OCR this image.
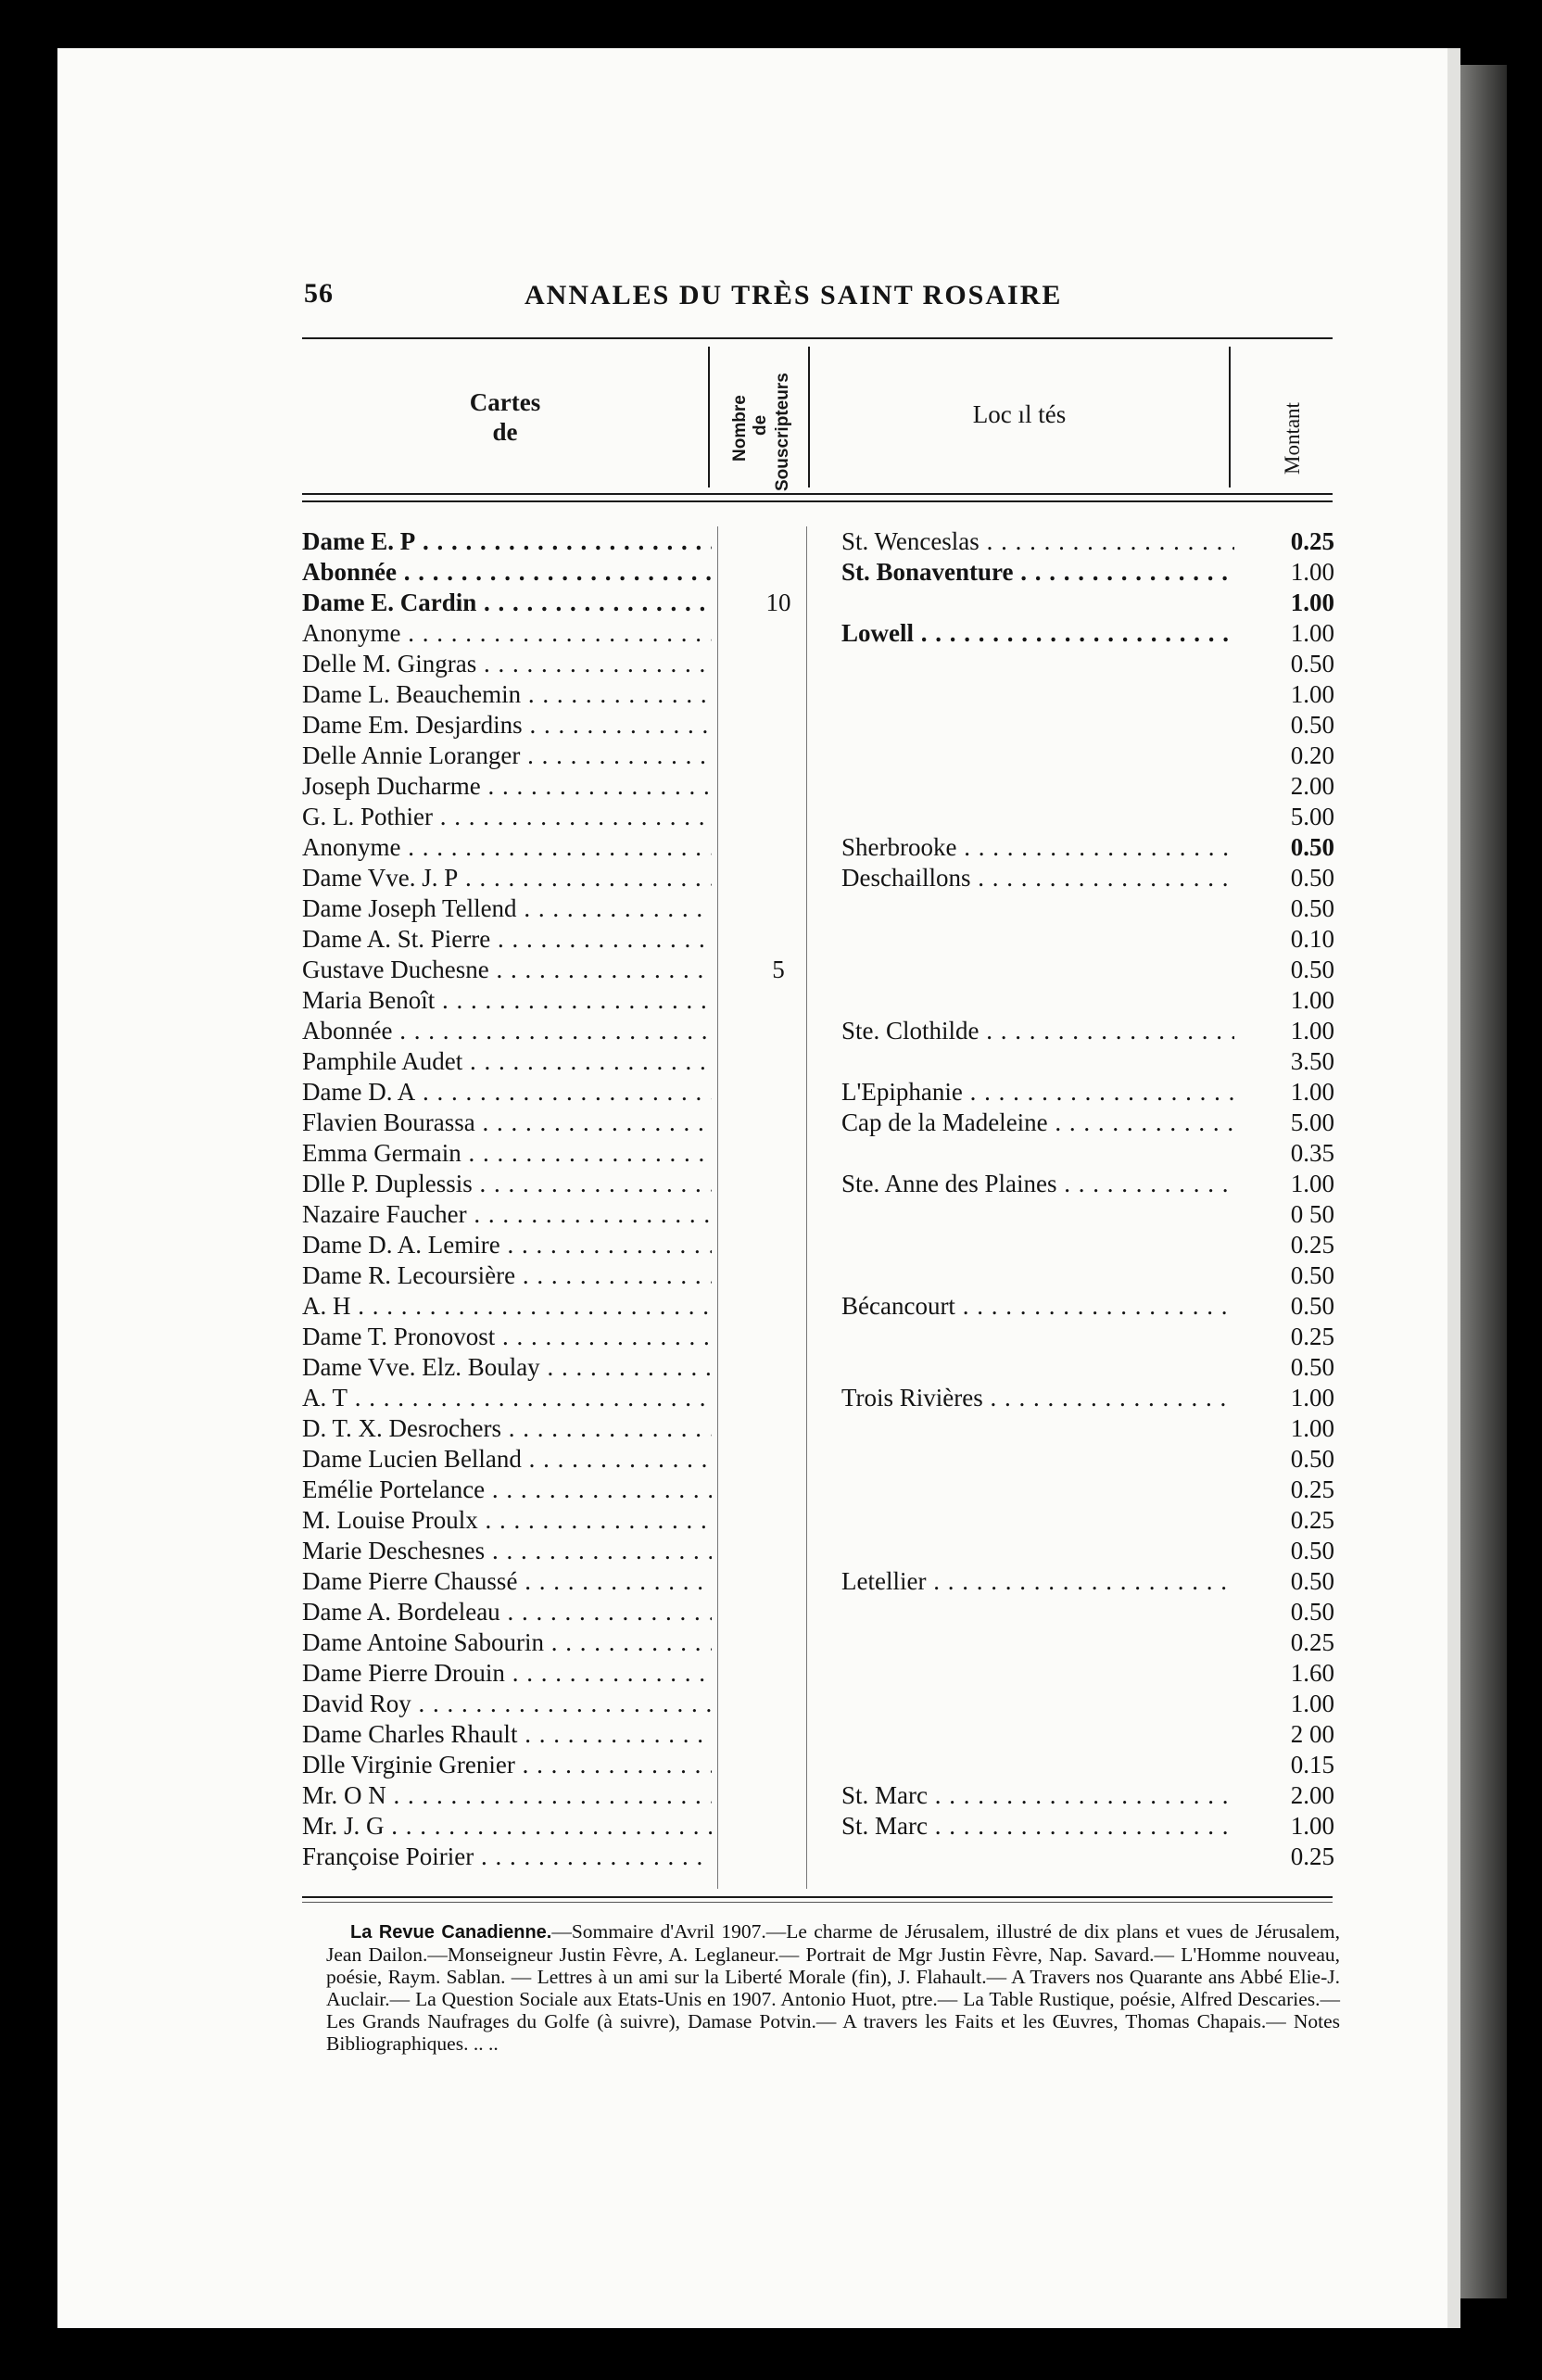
56	ANNALES DU TRÈS SAINT ROSAIRE
Cartes
de	Nombre de Souscripteurs	Loc ıl tés	Montant
Dame E. P . . .	St. Wenceslas . . .	0.25
Abonnée . . .	St. Bonaventure . . .	1.00
Dame E. Cardin . . .	10	1.00
Anonyme . . .	Lowell . . .	1.00
Delle M. Gingras . . .	0.50
Dame L. Beauchemin . . .	1.00
Dame Em. Desjardins . . .	0.50
Delle Annie Loranger . . .	0.20
Joseph Ducharme . . .	2.00
G. L. Pothier . . .	5.00
Anonyme . . .	Sherbrooke . . .	0.50
Dame Vve. J. P . . .	Deschaillons . . .	0.50
Dame Joseph Tellend . . .	0.50
Dame A. St. Pierre . . .	0.10
Gustave Duchesne . . .	5	0.50
Maria Benoît . . .	1.00
Abonnée . . .	Ste. Clothilde . . .	1.00
Pamphile Audet . . .	3.50
Dame D. A . . .	L'Epiphanie . . .	1.00
Flavien Bourassa . . .	Cap de la Madeleine . . .	5.00
Emma Germain . . .	0.35
Dlle P. Duplessis . . .	Ste. Anne des Plaines . . .	1.00
Nazaire Faucher . . .	0 50
Dame D. A. Lemire . . .	0.25
Dame R. Lecoursière . . .	0.50
A. H . . .	Bécancourt . . .	0.50
Dame T. Pronovost . . .	0.25
Dame Vve. Elz. Boulay . . .	0.50
A. T . . .	Trois Rivières . . .	1.00
D. T. X. Desrochers . . .	1.00
Dame Lucien Belland . . .	0.50
Emélie Portelance . . .	0.25
M. Louise Proulx . . .	0.25
Marie Deschesnes . . .	0.50
Dame Pierre Chaussé . . .	Letellier . . .	0.50
Dame A. Bordeleau . . .	0.50
Dame Antoine Sabourin . . .	0.25
Dame Pierre Drouin . . .	1.60
David Roy . . .	1.00
Dame Charles Rhault . . .	2 00
Dlle Virginie Grenier . . .	0.15
Mr. O N . . .	St. Marc . . .	2.00
Mr. J. G . . .	St. Marc . . .	1.00
Françoise Poirier . . .	0.25
La Revue Canadienne.—Sommaire d'Avril 1907.—Le charme de Jérusalem, illustré de dix plans et vues de Jérusalem, Jean Dailon.—Monseigneur Justin Fèvre, A. Leglaneur.— Portrait de Mgr Justin Fèvre, Nap. Savard.— L'Homme nouveau, poésie, Raym. Sablan. — Lettres à un ami sur la Liberté Morale (fin), J. Flahault.— A Travers nos Quarante ans Abbé Elie-J. Auclair.— La Question Sociale aux Etats-Unis en 1907. Antonio Huot, ptre.— La Table Rustique, poésie, Alfred Descaries.— Les Grands Naufrages du Golfe (à suivre), Damase Potvin.— A travers les Faits et les Œuvres, Thomas Chapais.— Notes Bibliographiques. .. ..
